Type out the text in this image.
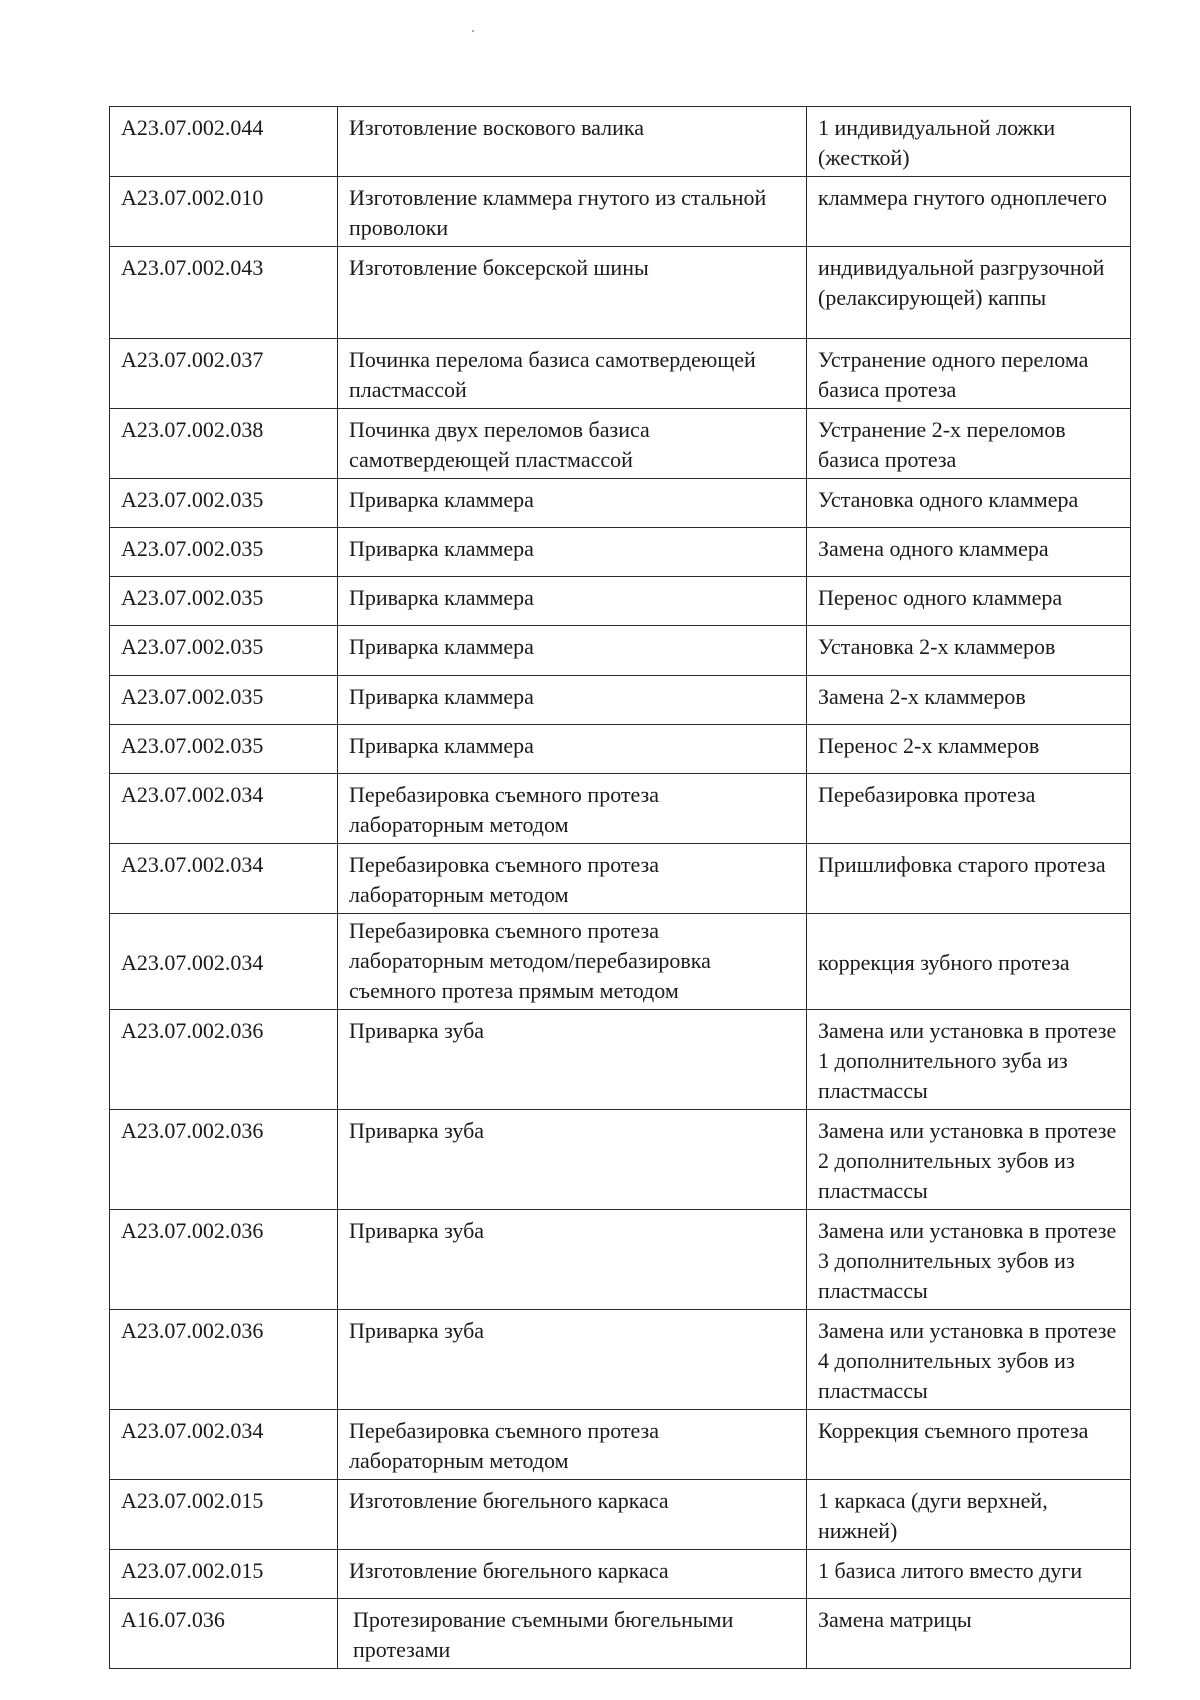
А23.07.002.044	Изготовление воскового валика	1 индивидуальной ложки (жесткой)
А23.07.002.010	Изготовление кламмера гнутого из стальной проволоки	кламмера гнутого одноплечего
А23.07.002.043	Изготовление боксерской шины	индивидуальной разгрузочной (релаксирующей) каппы
А23.07.002.037	Починка перелома базиса самотвердеющей пластмассой	Устранение одного перелома базиса протеза
А23.07.002.038	Починка двух переломов базиса самотвердеющей пластмассой	Устранение 2-х переломов базиса протеза
А23.07.002.035	Приварка кламмера	Установка одного кламмера
А23.07.002.035	Приварка кламмера	Замена одного кламмера
А23.07.002.035	Приварка кламмера	Перенос одного кламмера
А23.07.002.035	Приварка кламмера	Установка 2-х кламмеров
А23.07.002.035	Приварка кламмера	Замена 2-х кламмеров
А23.07.002.035	Приварка кламмера	Перенос 2-х кламмеров
А23.07.002.034	Перебазировка съемного протеза лабораторным методом	Перебазировка протеза
А23.07.002.034	Перебазировка съемного протеза лабораторным методом	Пришлифовка старого протеза
А23.07.002.034	Перебазировка съемного протеза лабораторным методом/перебазировка съемного протеза прямым методом	коррекция зубного протеза
А23.07.002.036	Приварка зуба	Замена или установка в протезе 1 дополнительного зуба из пластмассы
А23.07.002.036	Приварка зуба	Замена или установка в протезе 2 дополнительных зубов из пластмассы
А23.07.002.036	Приварка зуба	Замена или установка в протезе 3 дополнительных зубов из пластмассы
А23.07.002.036	Приварка зуба	Замена или установка в протезе 4 дополнительных зубов из пластмассы
А23.07.002.034	Перебазировка съемного протеза лабораторным методом	Коррекция съемного протеза
А23.07.002.015	Изготовление бюгельного каркаса	1 каркаса (дуги верхней, нижней)
А23.07.002.015	Изготовление бюгельного каркаса	1 базиса литого вместо дуги
А16.07.036	Протезирование съемными бюгельными протезами	Замена матрицы
